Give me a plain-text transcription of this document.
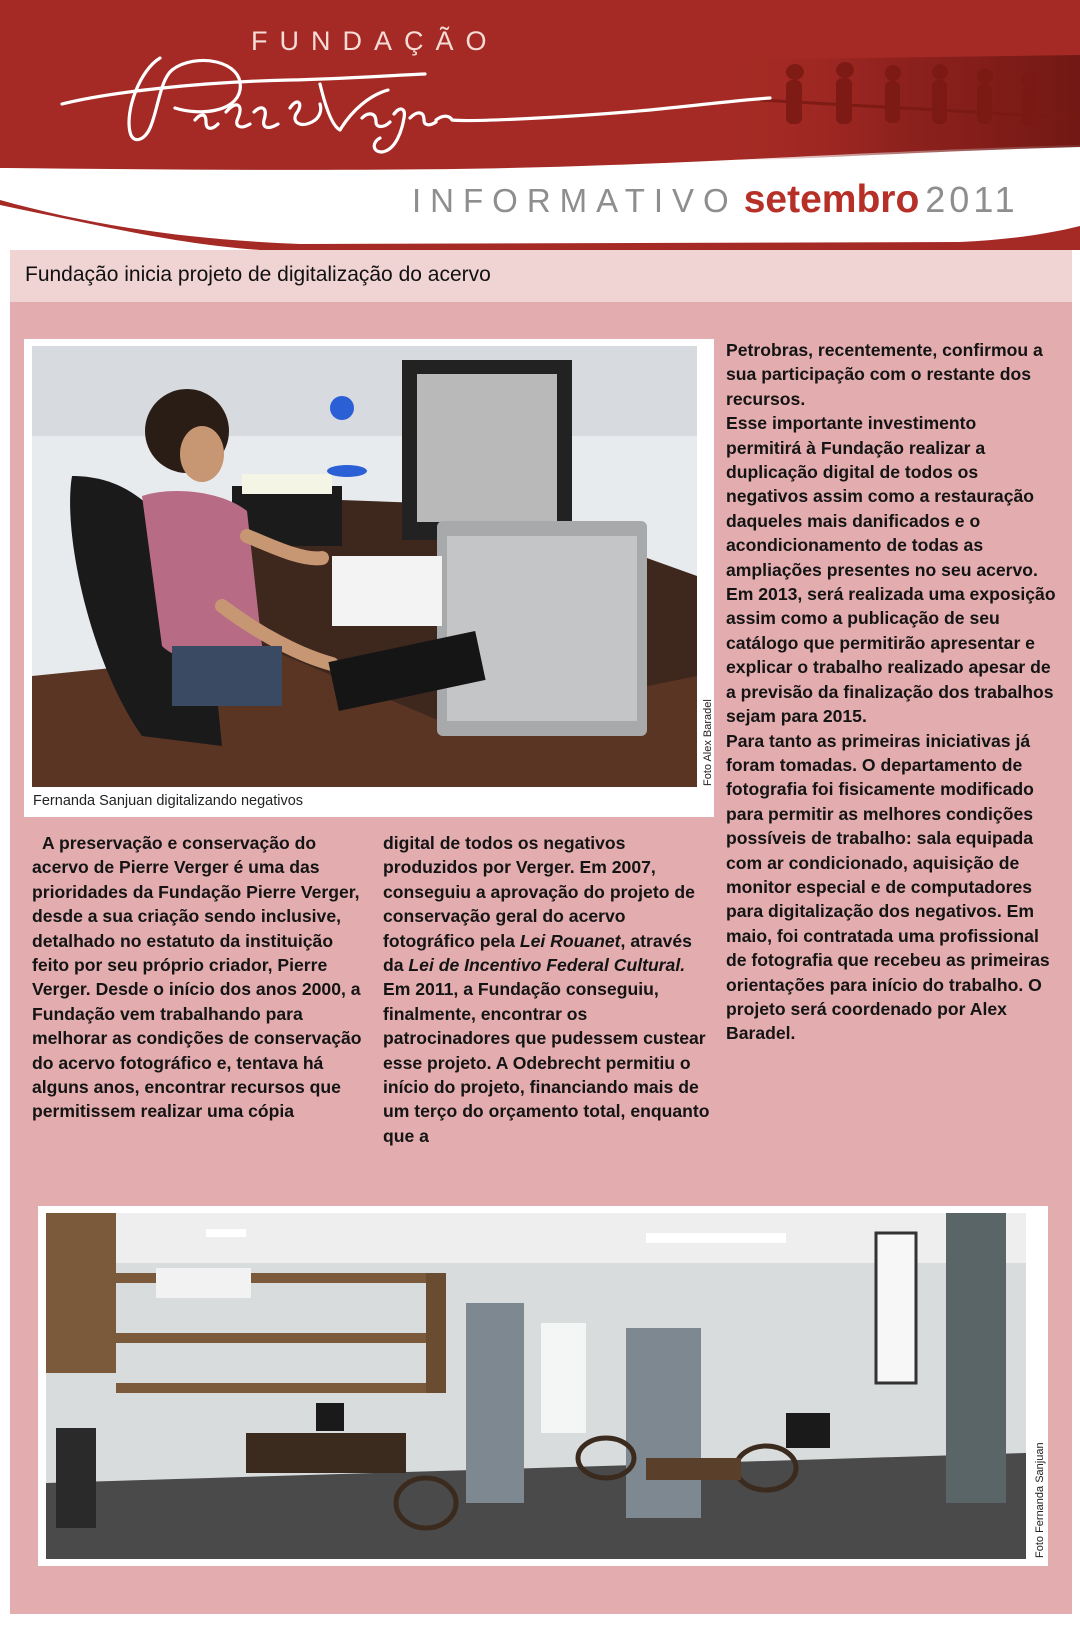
FUNDAÇÃO
INFORMATIVO setembro 2011
Fundação inicia projeto de digitalização do acervo
Fernanda Sanjuan digitalizando negativos
Foto Alex Baradel

A preservação e conservação do acervo de Pierre Verger é uma das prioridades da Fundação Pierre Verger, desde a sua criação sendo inclusive, detalhado no estatuto da instituição feito por seu próprio criador, Pierre Verger. Desde o início dos anos 2000, a Fundação vem trabalhando para melhorar as condições de conservação do acervo fotográfico e, tentava há alguns anos, encontrar recursos que permitissem realizar uma cópia

digital de todos os negativos produzidos por Verger. Em 2007, conseguiu a aprovação do projeto de conservação geral do acervo fotográfico pela Lei Rouanet, através da Lei de Incentivo Federal Cultural. Em 2011, a Fundação conseguiu, finalmente, encontrar os patrocinadores que pudessem custear esse projeto. A Odebrecht permitiu o início do projeto, financiando mais de um terço do orçamento total, enquanto que a

Petrobras, recentemente, confirmou a sua participação com o restante dos recursos.

Esse importante investimento permitirá à Fundação realizar a duplicação digital de todos os negativos assim como a restauração daqueles mais danificados e o acondicionamento de todas as ampliações presentes no seu acervo. Em 2013, será realizada uma exposição assim como a publicação de seu catálogo que permitirão apresentar e explicar o trabalho realizado apesar de a previsão da finalização dos trabalhos sejam para 2015.

Para tanto as primeiras iniciativas já foram tomadas. O departamento de fotografia foi fisicamente modificado para permitir as melhores condições possíveis de trabalho: sala equipada com ar condicionado, aquisição de monitor especial e de computadores para digitalização dos negativos. Em maio, foi contratada uma profissional de fotografia que recebeu as primeiras orientações para início do trabalho. O projeto será coordenado por Alex Baradel.

Foto Fernanda Sanjuan
